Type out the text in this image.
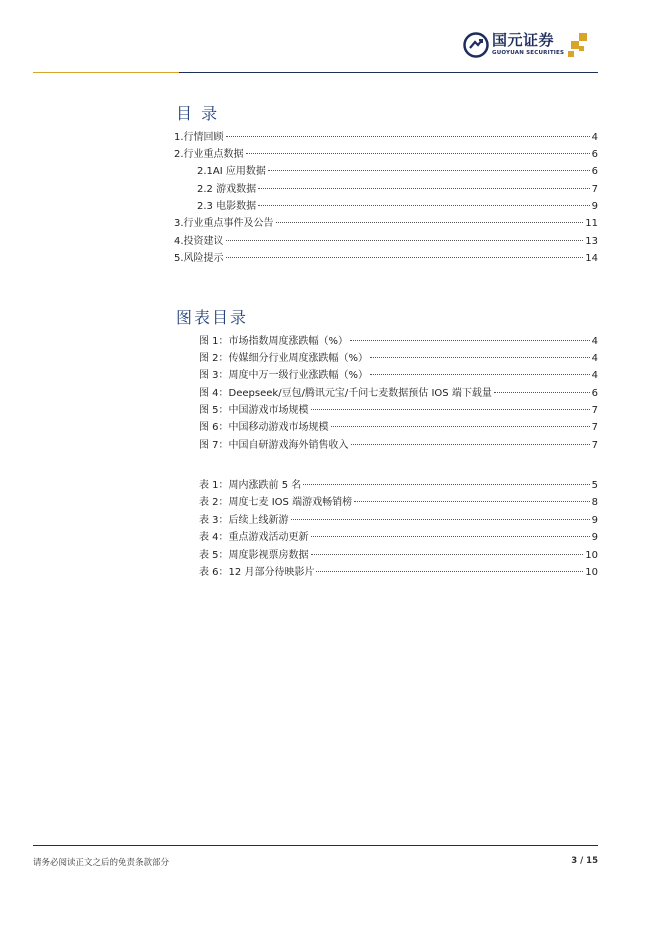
国元证券
GUOYUAN SECURITIES
目 录
1.行情回顾	4
2.行业重点数据	6
2.1AI 应用数据	6
2.2 游戏数据	7
2.3 电影数据	9
3.行业重点事件及公告	11
4.投资建议	13
5.风险提示	14
图表目录
图 1：市场指数周度涨跌幅（%）	4
图 2：传媒细分行业周度涨跌幅（%）	4
图 3：周度中万一级行业涨跌幅（%）	4
图 4：Deepseek/豆包/腾讯元宝/千问七麦数据预估 IOS 端下载量	6
图 5：中国游戏市场规模	7
图 6：中国移动游戏市场规模	7
图 7：中国自研游戏海外销售收入	7
表 1：周内涨跌前 5 名	5
表 2：周度七麦 IOS 端游戏畅销榜	8
表 3：后续上线新游	9
表 4：重点游戏活动更新	9
表 5：周度影视票房数据	10
表 6：12 月部分待映影片	10
请务必阅读正文之后的免责条款部分	3 / 15
